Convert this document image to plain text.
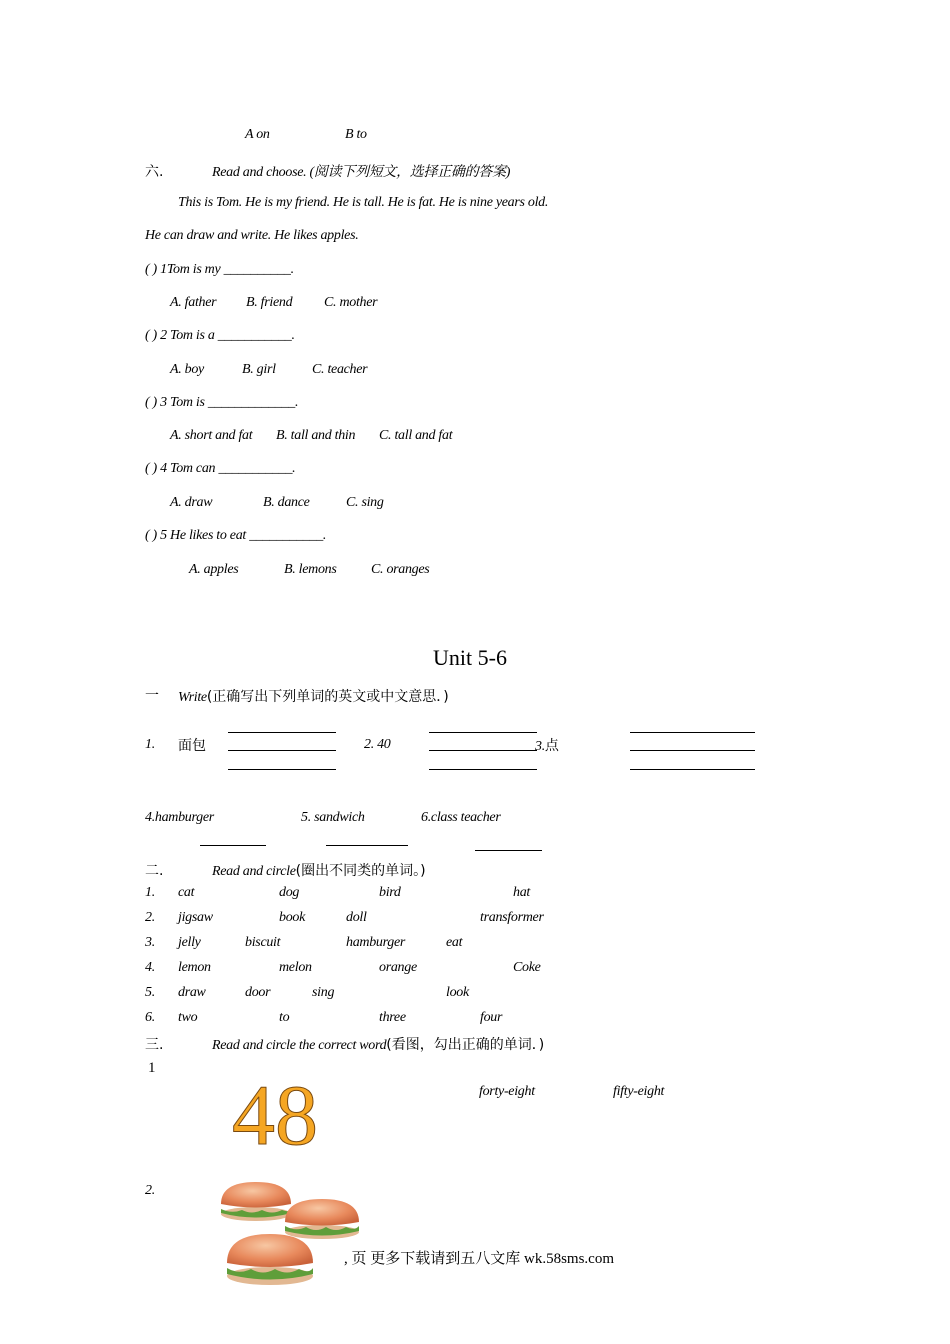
A on	B to
六.	Read and choose. (阅读下列短文，选择正确的答案)
This is Tom. He is my friend. He is tall. He is fat. He is nine years old.
He can draw and write. He likes apples.
( ) 1Tom is my __________.
A. father B. friend C. mother
( ) 2 Tom is a ___________.
A. boy	B. girl	C. teacher
( ) 3 Tom is _____________.
A. short and fat B. tall and thin C. tall and fat
( ) 4 Tom can ___________.
A. draw	B. dance	C. sing
( ) 5 He likes to eat ___________.
A. apples	B. lemons C. oranges
Unit 5-6
一 Write(正确写出下列单词的英文或中文意思．)
1. 面包	2. 40	3.点
4.hamburger	5. sandwich	6.class teacher
二.	Read and circle(圈出不同类的单词。)
1. cat	dog	bird	hat
2. jigsaw	book	doll	transformer
3. jelly	biscuit	hamburger	eat
4. lemon	melon	orange	Coke
5. draw	door	sing	look
6. two	to	three	four
三.	Read and circle the correct word(看图，勾出正确的单词．)
1 48	forty-eight	fifty-eight
2.
, 页 更多下载请到五八文库 wk.58sms.com
